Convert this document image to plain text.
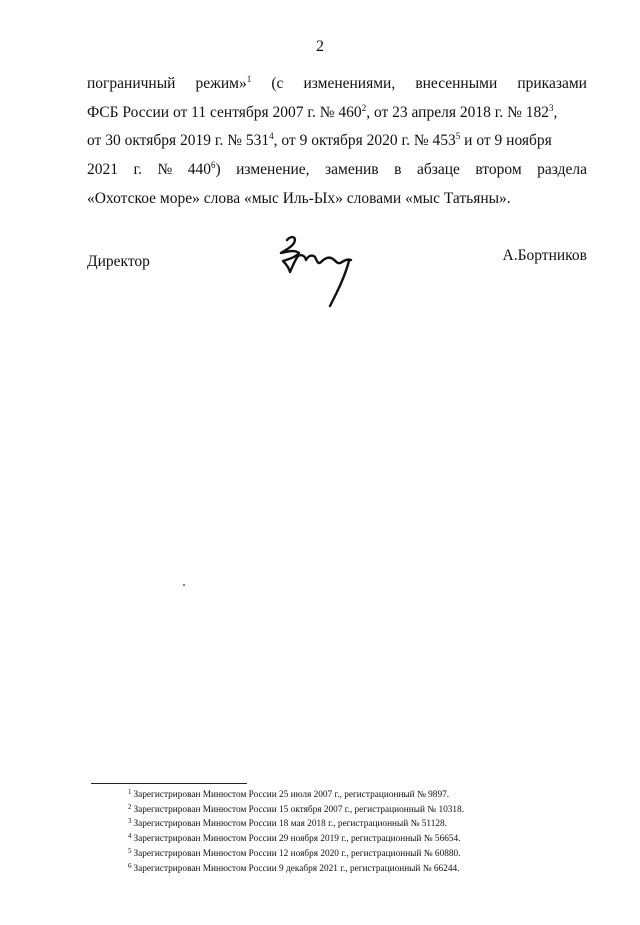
2
пограничный режим»$^1$ (с изменениями, внесенными приказами
ФСБ России от 11 сентября 2007 г. № $460^2$, от 23 апреля 2018 г. № $182^3$,
от 30 октября 2019 г. № $531^4$, от 9 октября 2020 г. № $453^5$ и от 9 ноября
2021 г. № $440^6$) изменение, заменив в абзаце втором раздела
«Охотское море» слова «мыс Иль-Ых» словами «мыс Татьяны».
Директор	А.Бортников
$^1$ Зарегистрирован Минюстом России 25 июля 2007 г., регистрационный № 9897.
$^2$ Зарегистрирован Минюстом России 15 октября 2007 г., регистрационный № 10318.
$^3$ Зарегистрирован Минюстом России 18 мая 2018 г., регистрационный № 51128.
$^4$ Зарегистрирован Минюстом России 29 ноября 2019 г., регистрационный № 56654.
$^5$ Зарегистрирован Минюстом России 12 ноября 2020 г., регистрационный № 60880.
$^6$ Зарегистрирован Минюстом России 9 декабря 2021 г., регистрационный № 66244.
